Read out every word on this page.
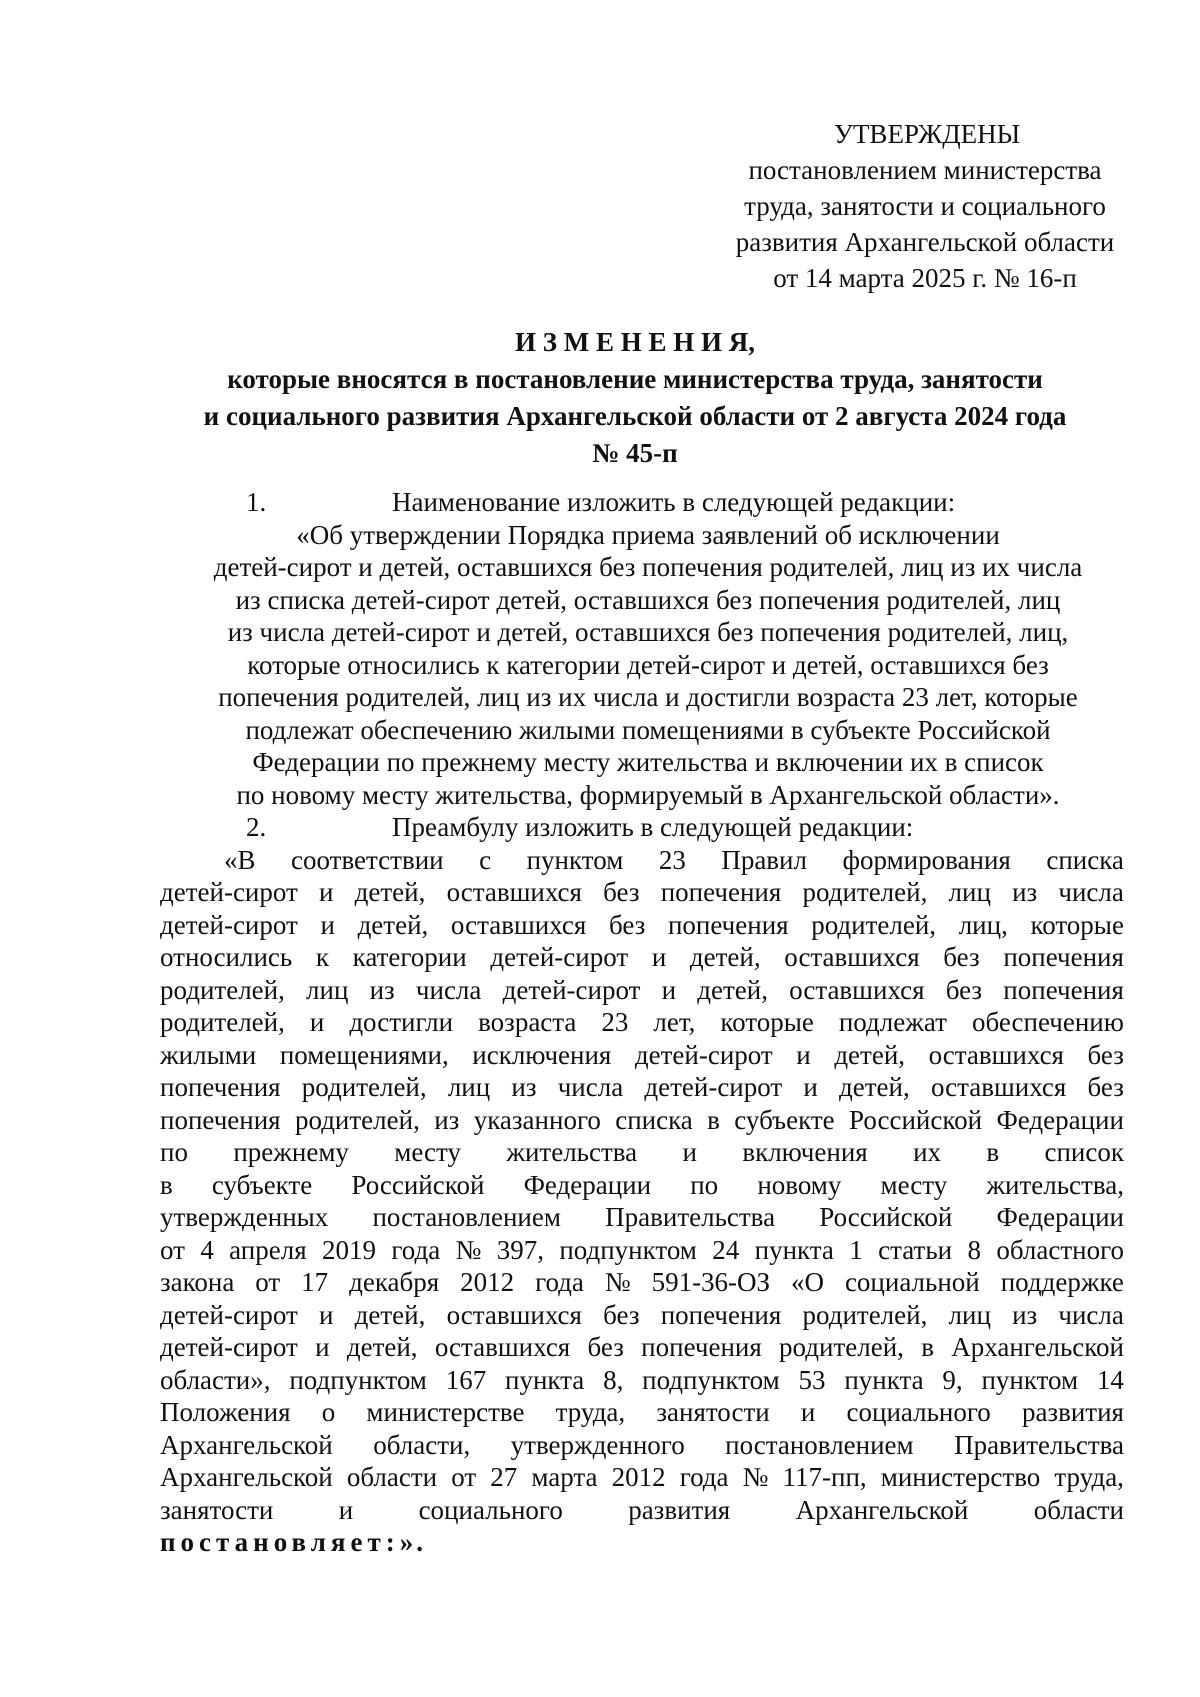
УТВЕРЖДЕНЫ
постановлением министерства
труда, занятости и социального
развития Архангельской области
от 14 марта 2025 г. № 16-п
И З М Е Н Е Н И Я,
которые вносятся в постановление министерства труда, занятости
и социального развития Архангельской области от 2 августа 2024 года
№ 45-п
1.	Наименование изложить в следующей редакции:
«Об утверждении Порядка приема заявлений об исключении
детей-сирот и детей, оставшихся без попечения родителей, лиц из их числа
из списка детей-сирот детей, оставшихся без попечения родителей, лиц
из числа детей-сирот и детей, оставшихся без попечения родителей, лиц,
которые относились к категории детей-сирот и детей, оставшихся без
попечения родителей, лиц из их числа и достигли возраста 23 лет, которые
подлежат обеспечению жилыми помещениями в субъекте Российской
Федерации по прежнему месту жительства и включении их в список
по новому месту жительства, формируемый в Архангельской области».
2.	Преамбулу изложить в следующей редакции:
«В соответствии с пунктом 23 Правил формирования списка
детей-сирот и детей, оставшихся без попечения родителей, лиц из числа
детей-сирот и детей, оставшихся без попечения родителей, лиц, которые
относились к категории детей-сирот и детей, оставшихся без попечения
родителей, лиц из числа детей-сирот и детей, оставшихся без попечения
родителей, и достигли возраста 23 лет, которые подлежат обеспечению
жилыми помещениями, исключения детей-сирот и детей, оставшихся без
попечения родителей, лиц из числа детей-сирот и детей, оставшихся без
попечения родителей, из указанного списка в субъекте Российской Федерации
по прежнему месту жительства и включения их в список
в субъекте Российской Федерации по новому месту жительства,
утвержденных постановлением Правительства Российской Федерации
от 4 апреля 2019 года № 397, подпунктом 24 пункта 1 статьи 8 областного
закона от 17 декабря 2012 года № 591-36-ОЗ «О социальной поддержке
детей-сирот и детей, оставшихся без попечения родителей, лиц из числа
детей-сирот и детей, оставшихся без попечения родителей, в Архангельской
области», подпунктом 167 пункта 8, подпунктом 53 пункта 9, пунктом 14
Положения о министерстве труда, занятости и социального развития
Архангельской области, утвержденного постановлением Правительства
Архангельской области от 27 марта 2012 года № 117-пп, министерство труда,
занятости и социального развития Архангельской области
постановляет:».
